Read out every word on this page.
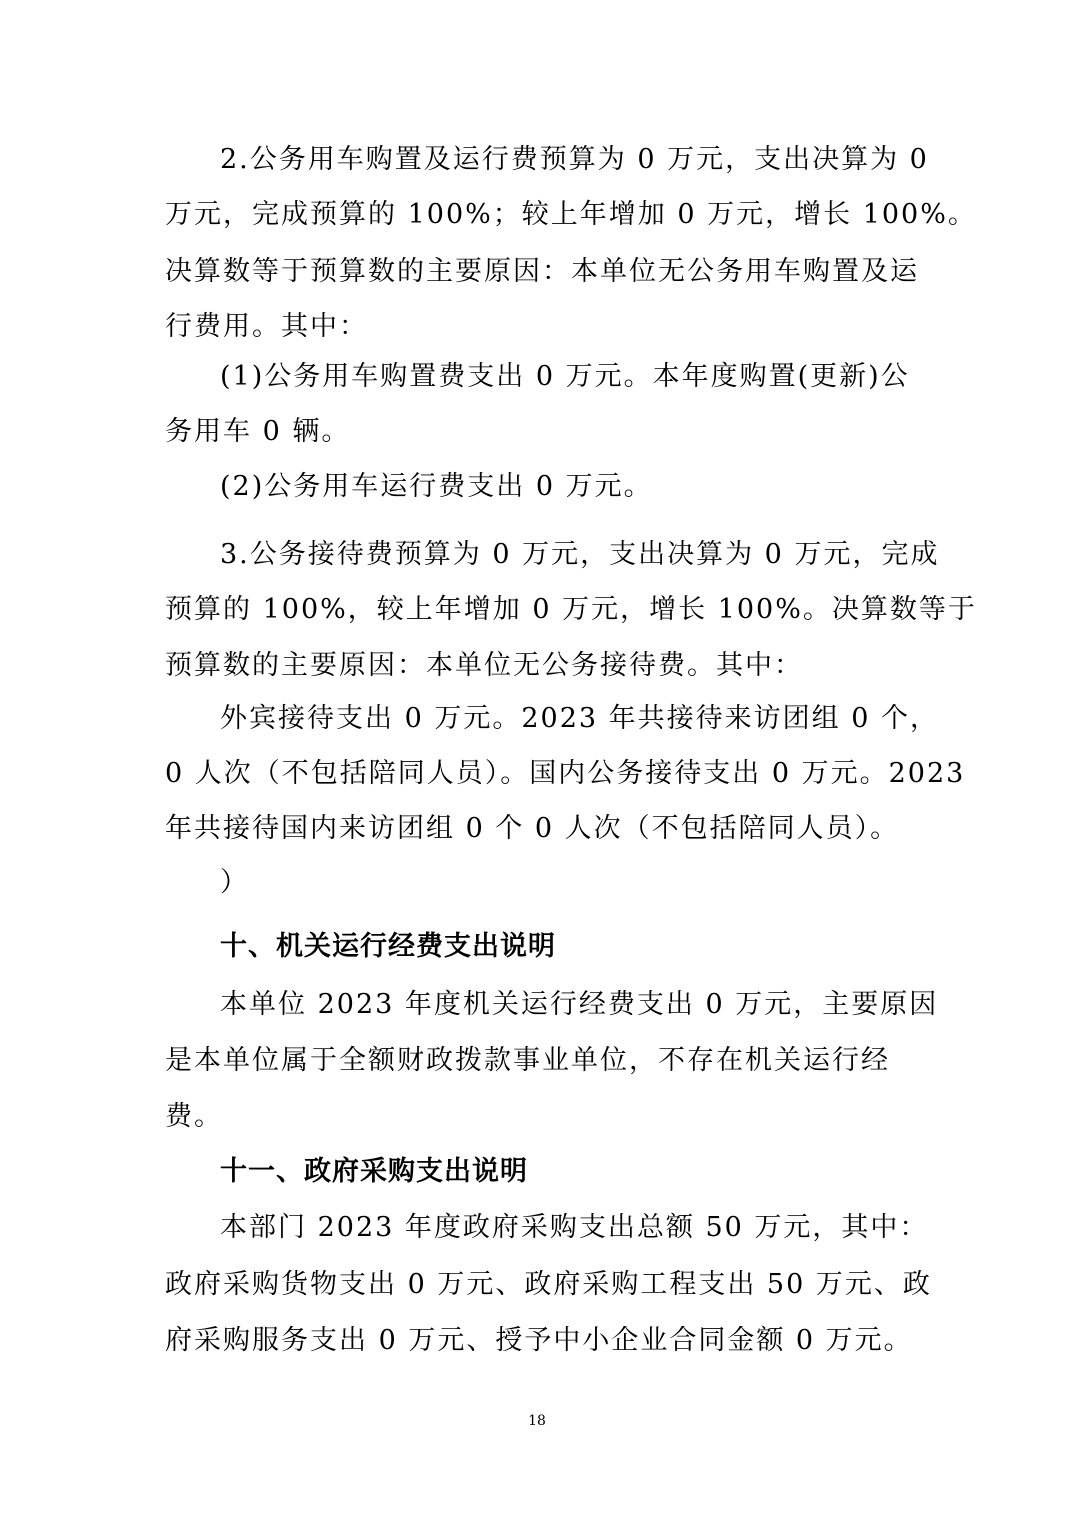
2.公务用车购置及运行费预算为 0 万元，支出决算为 0
万元，完成预算的 100%；较上年增加 0 万元，增长 100%。
决算数等于预算数的主要原因：本单位无公务用车购置及运
行费用。其中：
(1)公务用车购置费支出 0 万元。本年度购置(更新)公
务用车 0 辆。
(2)公务用车运行费支出 0 万元。
3.公务接待费预算为 0 万元，支出决算为 0 万元，完成
预算的 100%，较上年增加 0 万元，增长 100%。决算数等于
预算数的主要原因：本单位无公务接待费。其中：
外宾接待支出 0 万元。2023 年共接待来访团组 0 个，
0 人次（不包括陪同人员）。国内公务接待支出 0 万元。2023
年共接待国内来访团组 0 个 0 人次（不包括陪同人员）。
）
十、机关运行经费支出说明
本单位 2023 年度机关运行经费支出 0 万元，主要原因
是本单位属于全额财政拨款事业单位，不存在机关运行经
费。
十一、政府采购支出说明
本部门 2023 年度政府采购支出总额 50 万元，其中：
政府采购货物支出 0 万元、政府采购工程支出 50 万元、政
府采购服务支出 0 万元、授予中小企业合同金额 0 万元。
18
